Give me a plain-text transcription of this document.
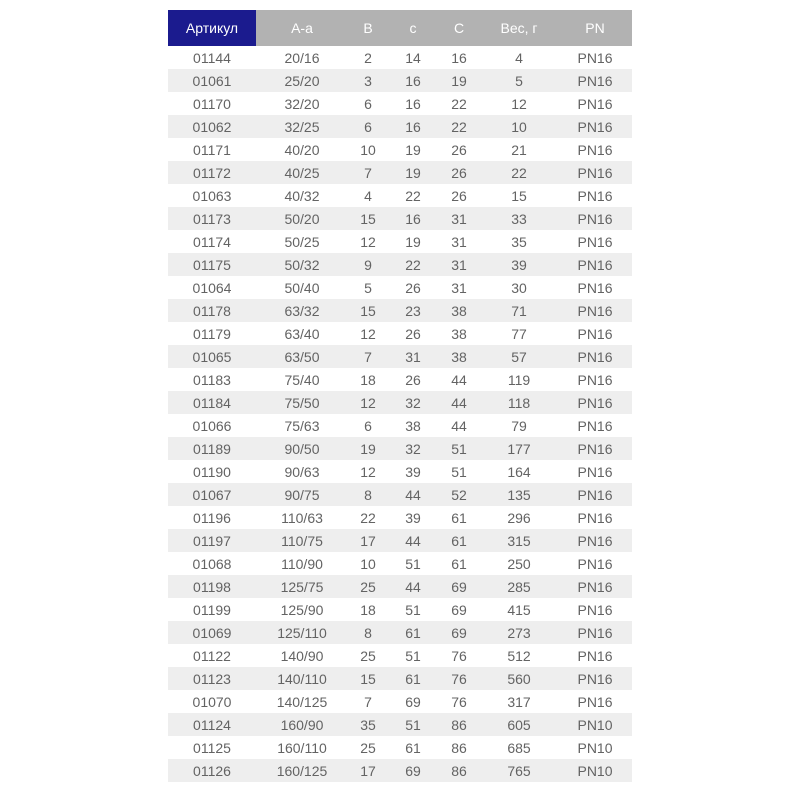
Артикул	А-а	В	с	С	Вес, г	PN
01144	20/16	2	14	16	4	PN16
01061	25/20	3	16	19	5	PN16
01170	32/20	6	16	22	12	PN16
01062	32/25	6	16	22	10	PN16
01171	40/20	10	19	26	21	PN16
01172	40/25	7	19	26	22	PN16
01063	40/32	4	22	26	15	PN16
01173	50/20	15	16	31	33	PN16
01174	50/25	12	19	31	35	PN16
01175	50/32	9	22	31	39	PN16
01064	50/40	5	26	31	30	PN16
01178	63/32	15	23	38	71	PN16
01179	63/40	12	26	38	77	PN16
01065	63/50	7	31	38	57	PN16
01183	75/40	18	26	44	119	PN16
01184	75/50	12	32	44	118	PN16
01066	75/63	6	38	44	79	PN16
01189	90/50	19	32	51	177	PN16
01190	90/63	12	39	51	164	PN16
01067	90/75	8	44	52	135	PN16
01196	110/63	22	39	61	296	PN16
01197	110/75	17	44	61	315	PN16
01068	110/90	10	51	61	250	PN16
01198	125/75	25	44	69	285	PN16
01199	125/90	18	51	69	415	PN16
01069	125/110	8	61	69	273	PN16
01122	140/90	25	51	76	512	PN16
01123	140/110	15	61	76	560	PN16
01070	140/125	7	69	76	317	PN16
01124	160/90	35	51	86	605	PN10
01125	160/110	25	61	86	685	PN10
01126	160/125	17	69	86	765	PN10
